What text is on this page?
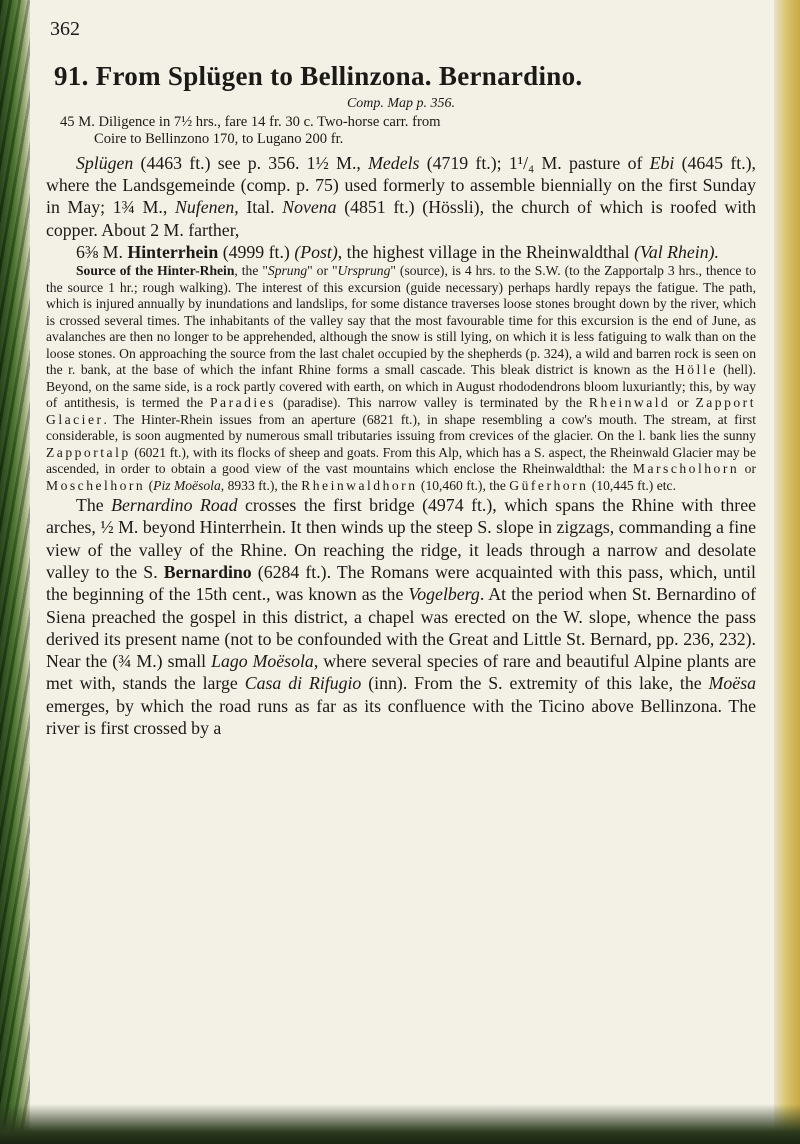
362
91. From Splügen to Bellinzona. Bernardino.
Comp. Map p. 356.
45 M. Diligence in 7½ hrs., fare 14 fr. 30 c. Two-horse carr. from
Coire to Bellinzono 170, to Lugano 200 fr.

Splügen (4463 ft.) see p. 356. 1½ M., Medels (4719 ft.); 1¹/₄ M. pasture of Ebi (4645 ft.), where the Landsgemeinde (comp. p. 75) used formerly to assemble biennially on the first Sunday in May; 1¾ M., Nufenen, Ital. Novena (4851 ft.) (Hössli), the church of which is roofed with copper. About 2 M. farther,

6⅜ M. Hinterrhein (4999 ft.) (Post), the highest village in the Rheinwaldthal (Val Rhein).

Source of the Hinter-Rhein, the "Sprung" or "Ursprung" (source), is 4 hrs. to the S.W. (to the Zapportalp 3 hrs., thence to the source 1 hr.; rough walking). The interest of this excursion (guide necessary) perhaps hardly repays the fatigue. The path, which is injured annually by inundations and landslips, for some distance traverses loose stones brought down by the river, which is crossed several times. The inhabitants of the valley say that the most favourable time for this excursion is the end of June, as avalanches are then no longer to be apprehended, although the snow is still lying, on which it is less fatiguing to walk than on the loose stones. On approaching the source from the last chalet occupied by the shepherds (p. 324), a wild and barren rock is seen on the r. bank, at the base of which the infant Rhine forms a small cascade. This bleak district is known as the Hölle (hell). Beyond, on the same side, is a rock partly covered with earth, on which in August rhododendrons bloom luxuriantly; this, by way of antithesis, is termed the Paradies (paradise). This narrow valley is terminated by the Rheinwald or Zapport Glacier. The Hinter-Rhein issues from an aperture (6821 ft.), in shape resembling a cow's mouth. The stream, at first considerable, is soon augmented by numerous small tributaries issuing from crevices of the glacier. On the l. bank lies the sunny Zapportalp (6021 ft.), with its flocks of sheep and goats. From this Alp, which has a S. aspect, the Rheinwald Glacier may be ascended, in order to obtain a good view of the vast mountains which enclose the Rheinwaldthal: the Marscholhorn or Moschelhorn (Piz Moësola, 8933 ft.), the Rheinwaldhorn (10,460 ft.), the Güferhorn (10,445 ft.) etc.

The Bernardino Road crosses the first bridge (4974 ft.), which spans the Rhine with three arches, ½ M. beyond Hinterrhein. It then winds up the steep S. slope in zigzags, commanding a fine view of the valley of the Rhine. On reaching the ridge, it leads through a narrow and desolate valley to the S. Bernardino (6284 ft.). The Romans were acquainted with this pass, which, until the beginning of the 15th cent., was known as the Vogelberg. At the period when St. Bernardino of Siena preached the gospel in this district, a chapel was erected on the W. slope, whence the pass derived its present name (not to be confounded with the Great and Little St. Bernard, pp. 236, 232). Near the (¾ M.) small Lago Moësola, where several species of rare and beautiful Alpine plants are met with, stands the large Casa di Rifugio (inn). From the S. extremity of this lake, the Moësa emerges, by which the road runs as far as its confluence with the Ticino above Bellinzona. The river is first crossed by a
